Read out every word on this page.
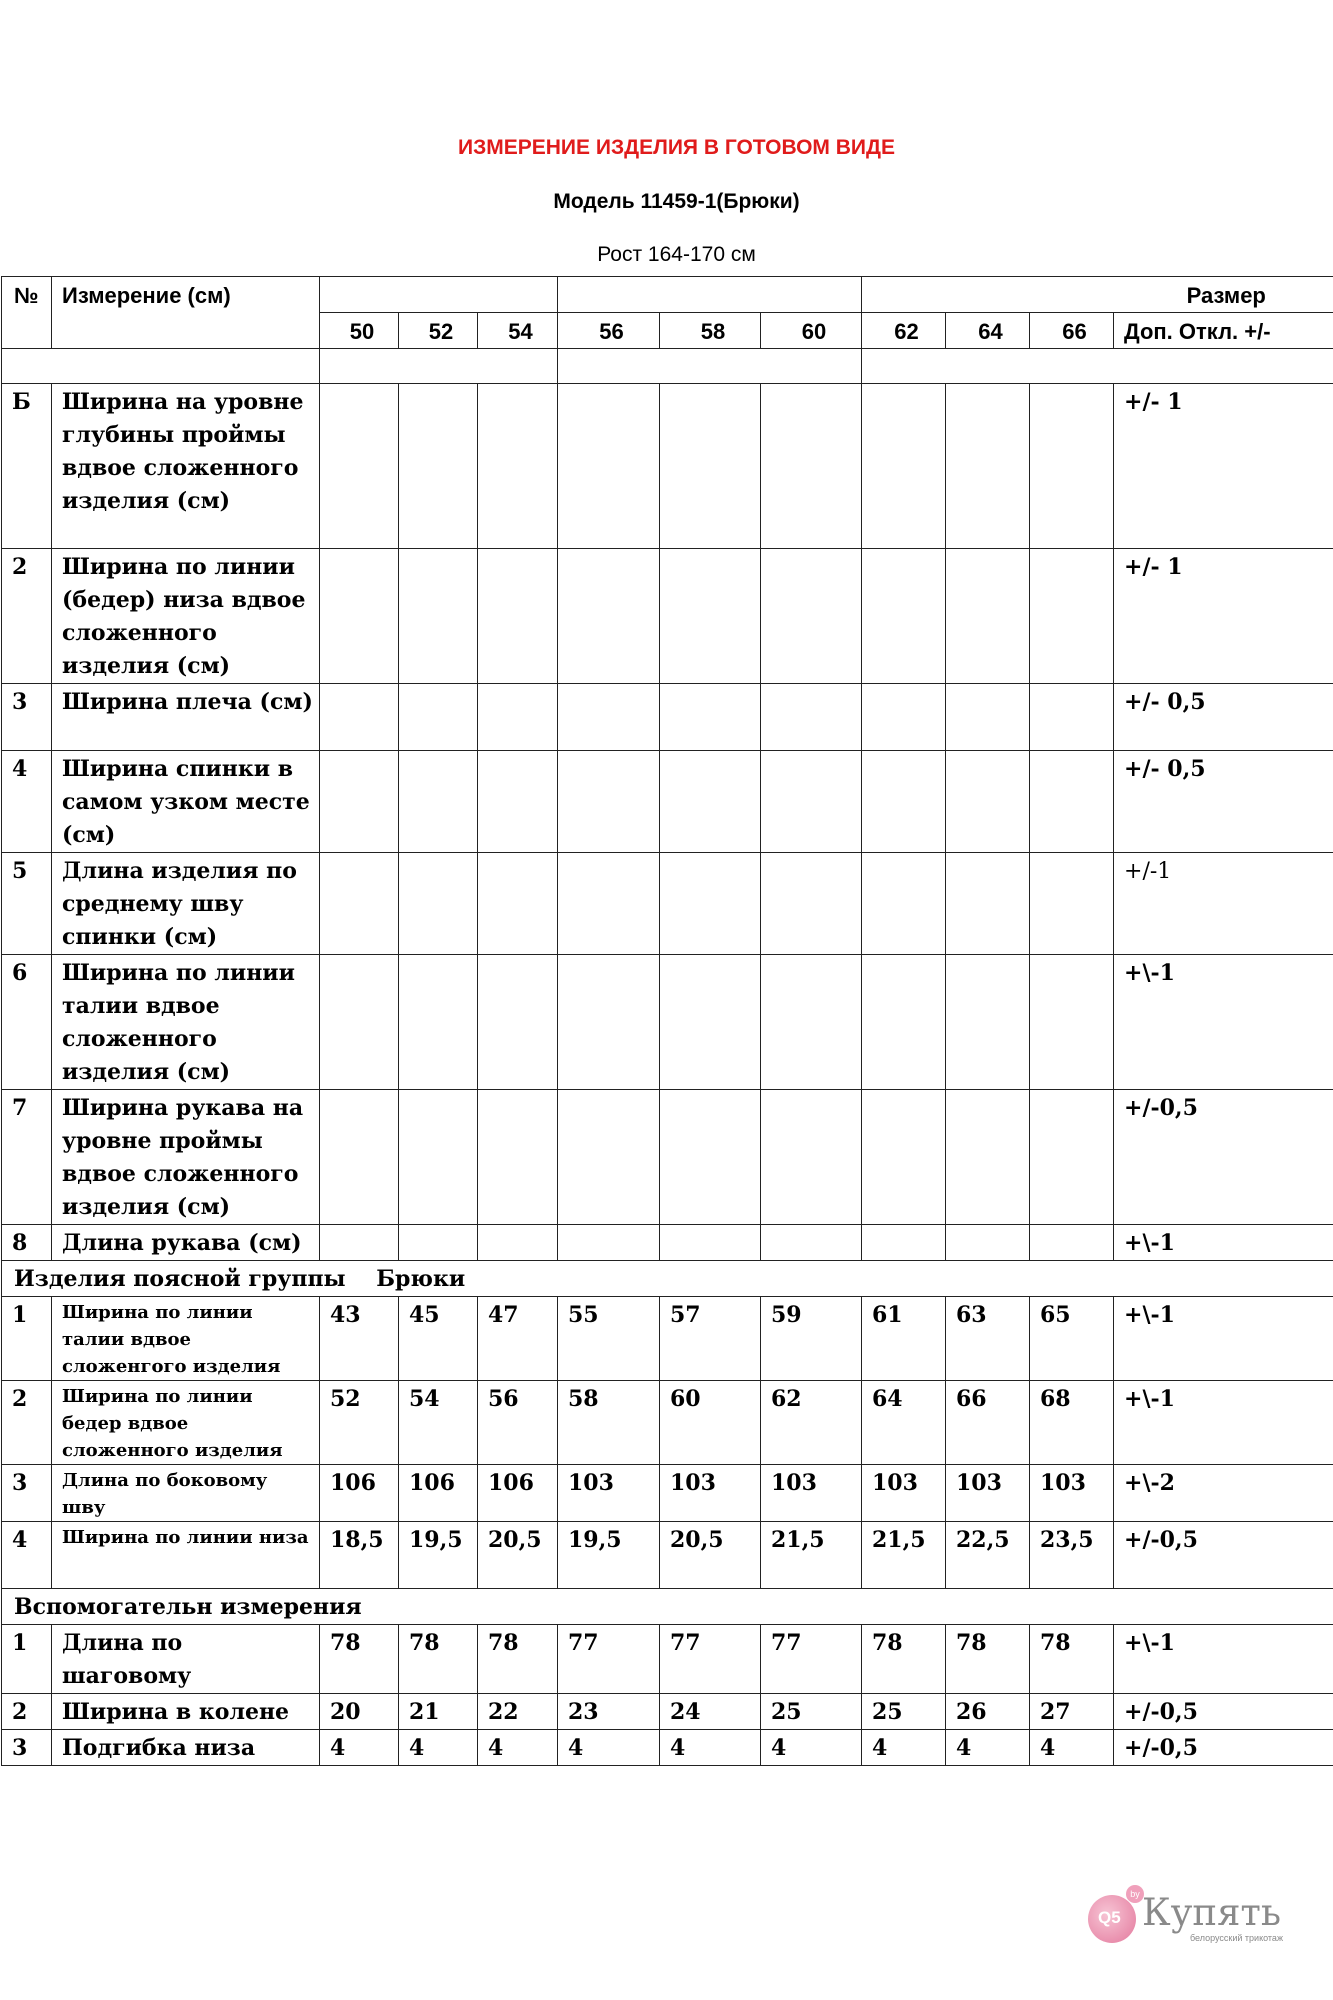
ИЗМЕРЕНИЕ ИЗДЕЛИЯ В ГОТОВОМ ВИДЕ
Модель 11459-1(Брюки)
Рост 164-170 см
№	Измерение (см)										Размер
		50	52	54	56	58	60	62	64	66	Доп. Откл. +/-

Б	Ширина на уровне глубины проймы вдвое сложенного изделия (см)										+/- 1
2	Ширина по линии (бедер) низа вдвое сложенного изделия (см)										+/- 1
3	Ширина плеча (см)										+/- 0,5
4	Ширина спинки в самом узком месте (см)										+/- 0,5
5	Длина изделия по среднему шву спинки (см)										+/-1
6	Ширина по линии талии вдвое сложенного изделия (см)										+\-1
7	Ширина рукава на уровне проймы вдвое сложенного изделия (см)										+/-0,5
8	Длина рукава (см)										+\-1
Изделия поясной группы    Брюки											
1	Ширина по линии талии вдвое сложенгого изделия	43	45	47	55	57	59	61	63	65	+\-1
2	Ширина по линии бедер вдвое сложенного изделия	52	54	56	58	60	62	64	66	68	+\-1
3	Длина по боковому шву	106	106	106	103	103	103	103	103	103	+\-2
4	Ширина по линии низа	18,5	19,5	20,5	19,5	20,5	21,5	21,5	22,5	23,5	+/-0,5
Вспомогательн измерения											
1	Длина по шаговому	78	78	78	77	77	77	78	78	78	+\-1
2	Ширина в колене	20	21	22	23	24	25	25	26	27	+/-0,5
3	Подгибка низа	4	4	4	4	4	4	4	4	4	+/-0,5
Q5
by Купять
белорусский трикотаж
